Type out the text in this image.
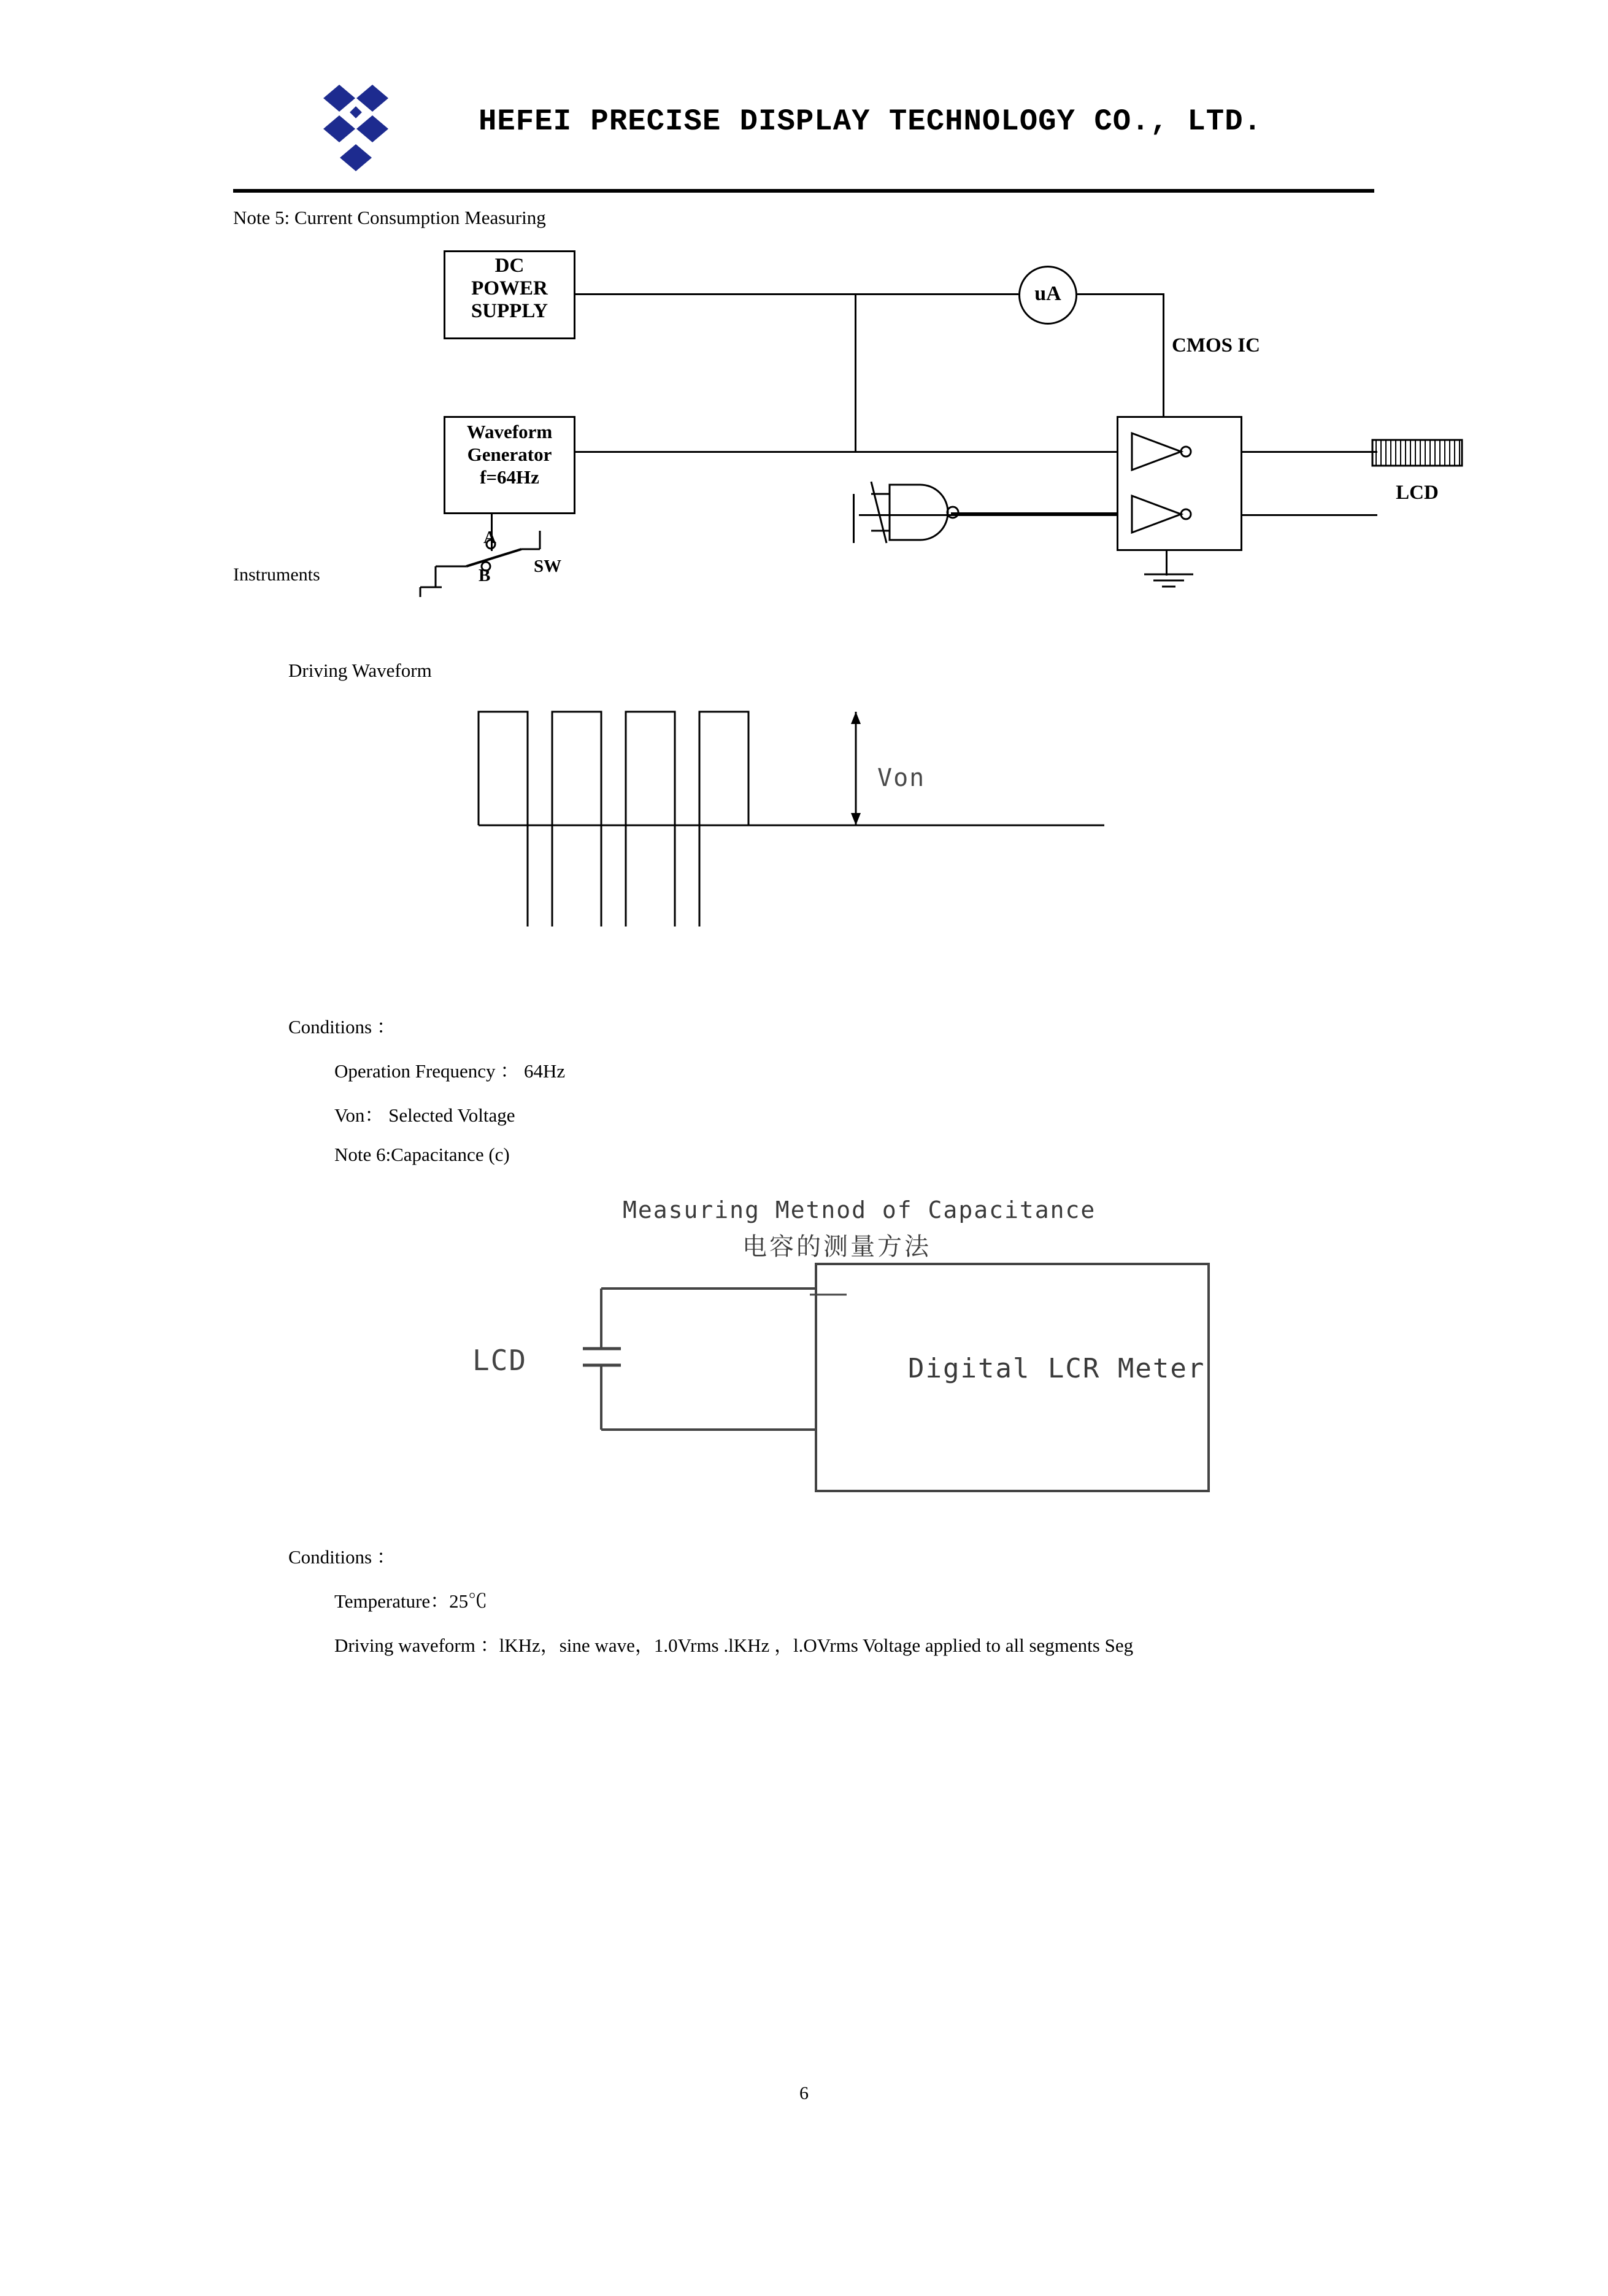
HEFEI PRECISE DISPLAY TECHNOLOGY CO., LTD.
Note 5: Current Consumption Measuring
DC
POWER
SUPPLY
uA
CMOS IC
Waveform
Generator
f=64Hz
LCD
A
B SW
Instruments
Driving Waveform
Von
Conditions ：
Operation Frequency ： 64Hz
Von： Selected Voltage
Note 6:Capacitance (c)
Measuring Metnod of Capacitance
电容的测量方法
LCD	Digital LCR Meter
Conditions ：
Temperature：25℃
Driving waveform ：lKHz，sine wave，1.0Vrms .lKHz ，l.OVrms Voltage applied to all segments Seg
6
